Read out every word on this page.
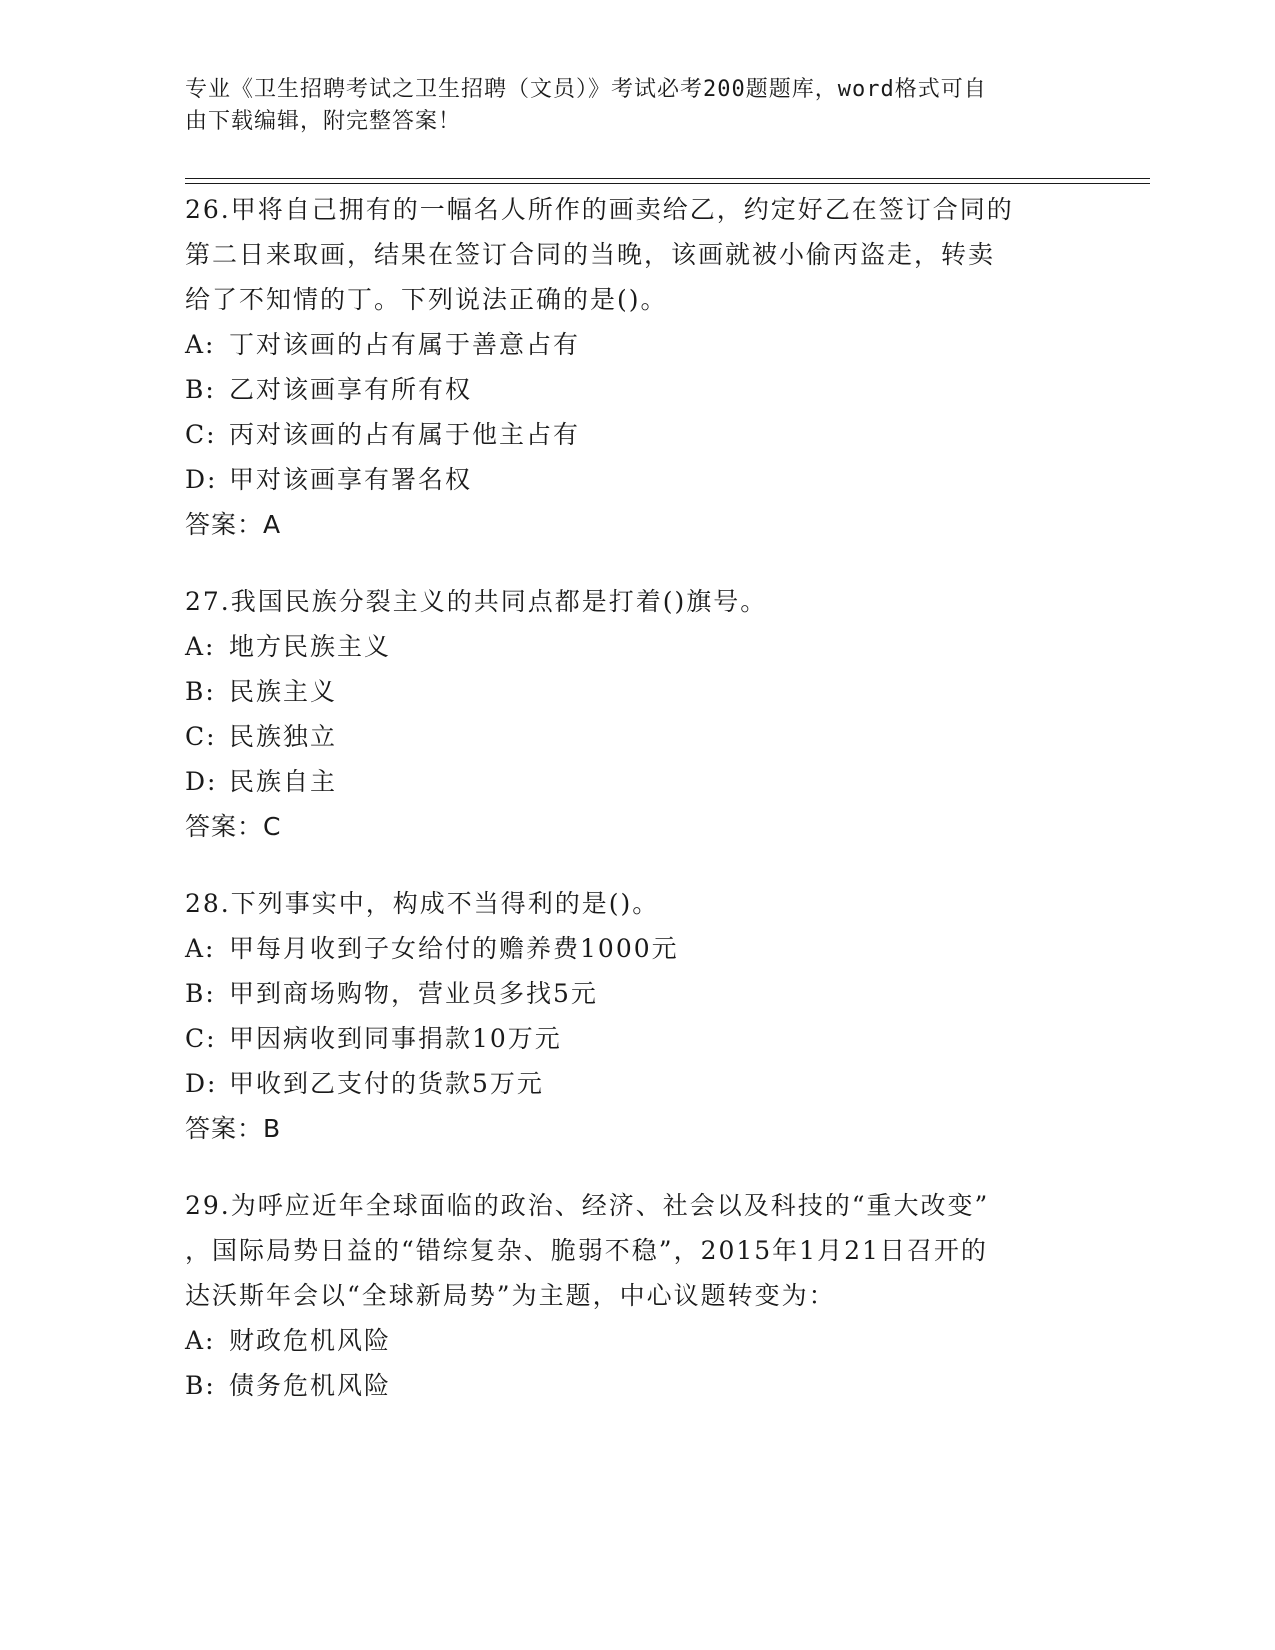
专业《卫生招聘考试之卫生招聘（文员）》考试必考200题题库，word格式可自
由下载编辑，附完整答案！

26.甲将自己拥有的一幅名人所作的画卖给乙，约定好乙在签订合同的

第二日来取画，结果在签订合同的当晚，该画就被小偷丙盗走，转卖

给了不知情的丁。下列说法正确的是()。

A: 丁对该画的占有属于善意占有

B: 乙对该画享有所有权

C: 丙对该画的占有属于他主占有

D: 甲对该画享有署名权

答案：A

27.我国民族分裂主义的共同点都是打着()旗号。

A: 地方民族主义

B: 民族主义

C: 民族独立

D: 民族自主

答案：C

28.下列事实中，构成不当得利的是()。

A: 甲每月收到子女给付的赡养费1000元

B: 甲到商场购物，营业员多找5元

C: 甲因病收到同事捐款10万元

D: 甲收到乙支付的货款5万元

答案：B

29.为呼应近年全球面临的政治、经济、社会以及科技的“重大改变”

，国际局势日益的“错综复杂、脆弱不稳”，2015年1月21日召开的

达沃斯年会以“全球新局势”为主题，中心议题转变为：

A: 财政危机风险

B: 债务危机风险
